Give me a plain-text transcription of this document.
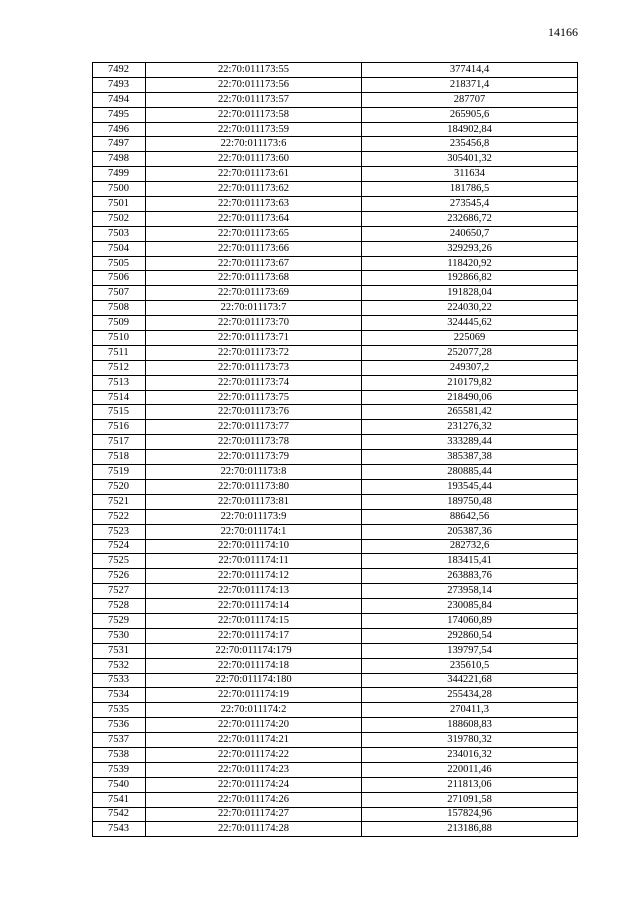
14166
7492	22:70:011173:55	377414,4
7493	22:70:011173:56	218371,4
7494	22:70:011173:57	287707
7495	22:70:011173:58	265905,6
7496	22:70:011173:59	184902,84
7497	22:70:011173:6	235456,8
7498	22:70:011173:60	305401,32
7499	22:70:011173:61	311634
7500	22:70:011173:62	181786,5
7501	22:70:011173:63	273545,4
7502	22:70:011173:64	232686,72
7503	22:70:011173:65	240650,7
7504	22:70:011173:66	329293,26
7505	22:70:011173:67	118420,92
7506	22:70:011173:68	192866,82
7507	22:70:011173:69	191828,04
7508	22:70:011173:7	224030,22
7509	22:70:011173:70	324445,62
7510	22:70:011173:71	225069
7511	22:70:011173:72	252077,28
7512	22:70:011173:73	249307,2
7513	22:70:011173:74	210179,82
7514	22:70:011173:75	218490,06
7515	22:70:011173:76	265581,42
7516	22:70:011173:77	231276,32
7517	22:70:011173:78	333289,44
7518	22:70:011173:79	385387,38
7519	22:70:011173:8	280885,44
7520	22:70:011173:80	193545,44
7521	22:70:011173:81	189750,48
7522	22:70:011173:9	88642,56
7523	22:70:011174:1	205387,36
7524	22:70:011174:10	282732,6
7525	22:70:011174:11	183415,41
7526	22:70:011174:12	263883,76
7527	22:70:011174:13	273958,14
7528	22:70:011174:14	230085,84
7529	22:70:011174:15	174060,89
7530	22:70:011174:17	292860,54
7531	22:70:011174:179	139797,54
7532	22:70:011174:18	235610,5
7533	22:70:011174:180	344221,68
7534	22:70:011174:19	255434,28
7535	22:70:011174:2	270411,3
7536	22:70:011174:20	188608,83
7537	22:70:011174:21	319780,32
7538	22:70:011174:22	234016,32
7539	22:70:011174:23	220011,46
7540	22:70:011174:24	211813,06
7541	22:70:011174:26	271091,58
7542	22:70:011174:27	157824,96
7543	22:70:011174:28	213186,88
